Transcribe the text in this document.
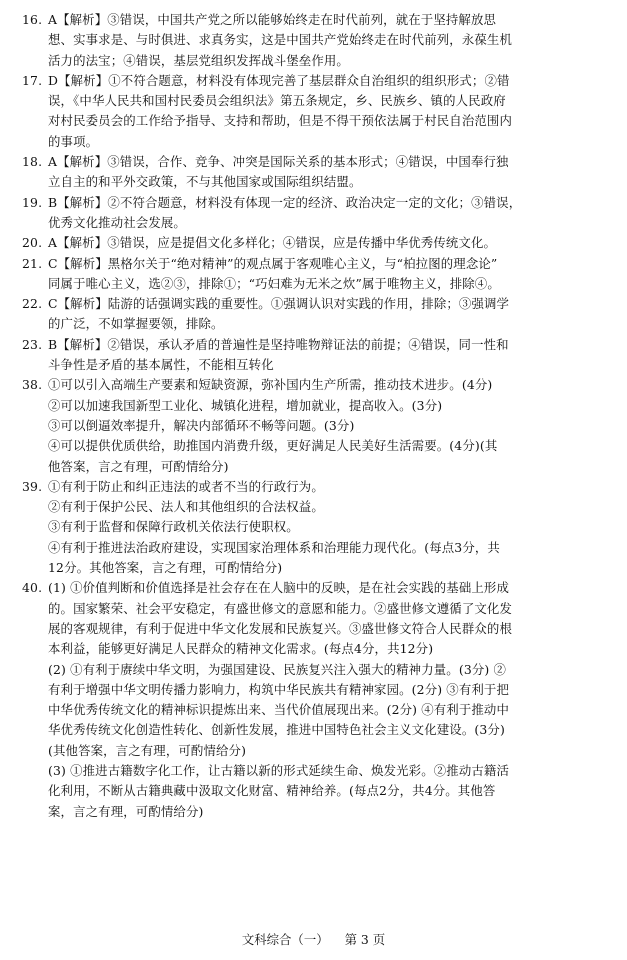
16. A【解析】③错误，中国共产党之所以能够始终走在时代前列，就在于坚持解放思
想、实事求是、与时俱进、求真务实，这是中国共产党始终走在时代前列，永葆生机
活力的法宝；④错误，基层党组织发挥战斗堡垒作用。
17. D【解析】①不符合题意，材料没有体现完善了基层群众自治组织的组织形式；②错
误，《中华人民共和国村民委员会组织法》第五条规定，乡、民族乡、镇的人民政府
对村民委员会的工作给予指导、支持和帮助，但是不得干预依法属于村民自治范围内
的事项。
18. A【解析】③错误，合作、竞争、冲突是国际关系的基本形式；④错误，中国奉行独
立自主的和平外交政策，不与其他国家或国际组织结盟。
19. B【解析】②不符合题意，材料没有体现一定的经济、政治决定一定的文化；③错误，
优秀文化推动社会发展。
20. A【解析】③错误，应是提倡文化多样化；④错误，应是传播中华优秀传统文化。
21. C【解析】黑格尔关于“绝对精神”的观点属于客观唯心主义，与“柏拉图的理念论”
同属于唯心主义，选②③，排除①；“巧妇难为无米之炊”属于唯物主义，排除④。
22. C【解析】陆游的话强调实践的重要性。①强调认识对实践的作用，排除；③强调学
的广泛，不如掌握要领，排除。
23. B【解析】②错误，承认矛盾的普遍性是坚持唯物辩证法的前提；④错误，同一性和
斗争性是矛盾的基本属性，不能相互转化
38. ①可以引入高端生产要素和短缺资源，弥补国内生产所需，推动技术进步。(4分)
②可以加速我国新型工业化、城镇化进程，增加就业，提高收入。(3分)
③可以倒逼效率提升，解决内部循环不畅等问题。(3分)
④可以提供优质供给，助推国内消费升级，更好满足人民美好生活需要。(4分)(其
他答案，言之有理，可酌情给分)
39. ①有利于防止和纠正违法的或者不当的行政行为。
②有利于保护公民、法人和其他组织的合法权益。
③有利于监督和保障行政机关依法行使职权。
④有利于推进法治政府建设，实现国家治理体系和治理能力现代化。(每点3分，共
12分。其他答案，言之有理，可酌情给分)
40. (1) ①价值判断和价值选择是社会存在在人脑中的反映，是在社会实践的基础上形成
的。国家繁荣、社会平安稳定，有盛世修文的意愿和能力。②盛世修文遵循了文化发
展的客观规律，有利于促进中华文化发展和民族复兴。③盛世修文符合人民群众的根
本利益，能够更好满足人民群众的精神文化需求。(每点4分，共12分)
(2) ①有利于赓续中华文明，为强国建设、民族复兴注入强大的精神力量。(3分) ②
有利于增强中华文明传播力影响力，构筑中华民族共有精神家园。(2分) ③有利于把
中华优秀传统文化的精神标识提炼出来、当代价值展现出来。(2分) ④有利于推动中
华优秀传统文化创造性转化、创新性发展，推进中国特色社会主义文化建设。(3分)
(其他答案，言之有理，可酌情给分)
(3) ①推进古籍数字化工作，让古籍以新的形式延续生命、焕发光彩。②推动古籍活
化利用，不断从古籍典藏中汲取文化财富、精神给养。(每点2分，共4分。其他答
案，言之有理，可酌情给分)
文科综合（一） 第 3 页
